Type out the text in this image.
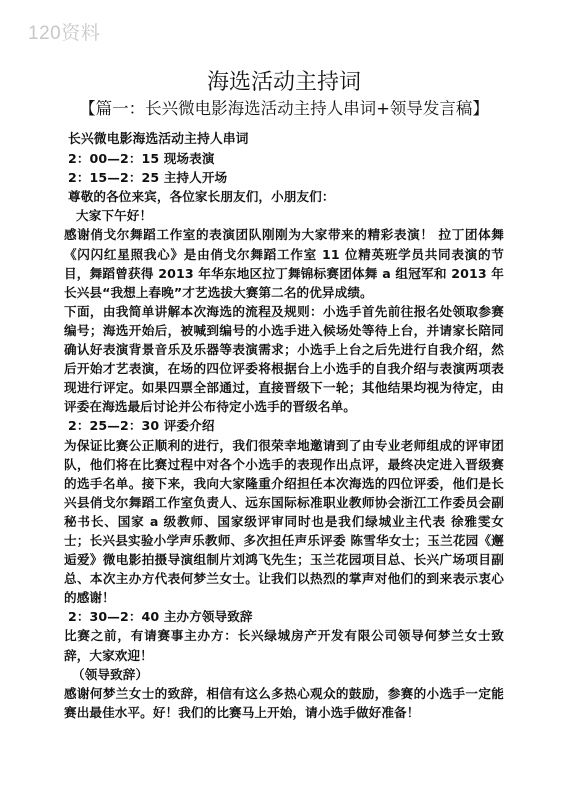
120资料
海选活动主持词
【篇一：长兴微电影海选活动主持人串词+领导发言稿】

长兴微电影海选活动主持人串词

2：00—2：15 现场表演

2：15—2：25 主持人开场

尊敬的各位来宾，各位家长朋友们，小朋友们：

大家下午好！

感谢俏戈尔舞蹈工作室的表演团队刚刚为大家带来的精彩表演！ 拉丁团体舞《闪闪红星照我心》是由俏戈尔舞蹈工作室 11 位精英班学员共同表演的节目，舞蹈曾获得 2013 年华东地区拉丁舞锦标赛团体舞 a 组冠军和 2013 年长兴县“我想上春晚”才艺选拔大赛第二名的优异成绩。

下面，由我简单讲解本次海选的流程及规则：小选手首先前往报名处领取参赛编号；海选开始后，被喊到编号的小选手进入候场处等待上台，并请家长陪同确认好表演背景音乐及乐器等表演需求；小选手上台之后先进行自我介绍，然后开始才艺表演，在场的四位评委将根据台上小选手的自我介绍与表演两项表现进行评定。如果四票全部通过，直接晋级下一轮；其他结果均视为待定，由评委在海选最后讨论并公布待定小选手的晋级名单。

2：25—2：30 评委介绍

为保证比赛公正顺利的进行，我们很荣幸地邀请到了由专业老师组成的评审团队，他们将在比赛过程中对各个小选手的表现作出点评，最终决定进入晋级赛的选手名单。接下来，我向大家隆重介绍担任本次海选的四位评委，他们是长兴县俏戈尔舞蹈工作室负责人、远东国际标准职业教师协会浙江工作委员会副秘书长、国家 a 级教师、国家级评审同时也是我们绿城业主代表 徐雅雯女士；长兴县实验小学声乐教师、多次担任声乐评委 陈雪华女士；玉兰花园《邂逅爱》微电影拍摄导演组制片刘鸿飞先生；玉兰花园项目总、长兴广场项目副总、本次主办方代表何梦兰女士。让我们以热烈的掌声对他们的到来表示衷心的感谢！

2：30—2：40 主办方领导致辞

比赛之前，有请赛事主办方：长兴绿城房产开发有限公司领导何梦兰女士致辞，大家欢迎！

（领导致辞）

感谢何梦兰女士的致辞，相信有这么多热心观众的鼓励，参赛的小选手一定能赛出最佳水平。好！我们的比赛马上开始，请小选手做好准备！
